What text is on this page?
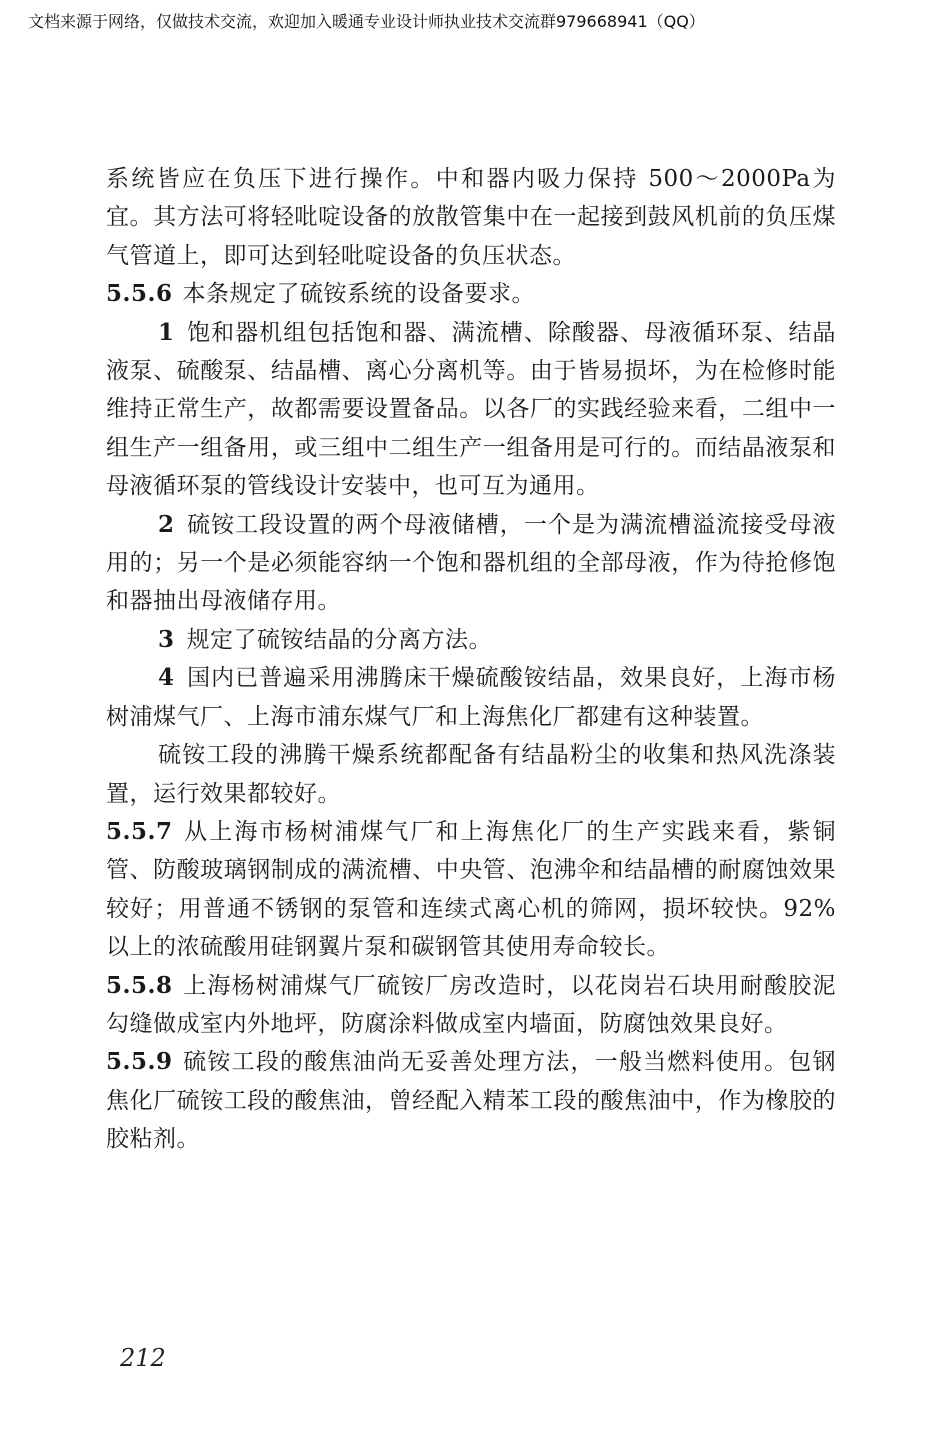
文档来源于网络，仅做技术交流，欢迎加入暖通专业设计师执业技术交流群979668941（QQ）

系统皆应在负压下进行操作。中和器内吸力保持 500～2000Pa为宜。其方法可将轻吡啶设备的放散管集中在一起接到鼓风机前的负压煤气管道上，即可达到轻吡啶设备的负压状态。

5.5.6 本条规定了硫铵系统的设备要求。

1 饱和器机组包括饱和器、满流槽、除酸器、母液循环泵、结晶液泵、硫酸泵、结晶槽、离心分离机等。由于皆易损坏，为在检修时能维持正常生产，故都需要设置备品。以各厂的实践经验来看，二组中一组生产一组备用，或三组中二组生产一组备用是可行的。而结晶液泵和母液循环泵的管线设计安装中，也可互为通用。

2 硫铵工段设置的两个母液储槽，一个是为满流槽溢流接受母液用的；另一个是必须能容纳一个饱和器机组的全部母液，作为待抢修饱和器抽出母液储存用。

3 规定了硫铵结晶的分离方法。

4 国内已普遍采用沸腾床干燥硫酸铵结晶，效果良好，上海市杨树浦煤气厂、上海市浦东煤气厂和上海焦化厂都建有这种装置。

硫铵工段的沸腾干燥系统都配备有结晶粉尘的收集和热风洗涤装置，运行效果都较好。

5.5.7 从上海市杨树浦煤气厂和上海焦化厂的生产实践来看，紫铜管、防酸玻璃钢制成的满流槽、中央管、泡沸伞和结晶槽的耐腐蚀效果较好；用普通不锈钢的泵管和连续式离心机的筛网，损坏较快。92%以上的浓硫酸用硅钢翼片泵和碳钢管其使用寿命较长。

5.5.8 上海杨树浦煤气厂硫铵厂房改造时，以花岗岩石块用耐酸胶泥勾缝做成室内外地坪，防腐涂料做成室内墙面，防腐蚀效果良好。

5.5.9 硫铵工段的酸焦油尚无妥善处理方法，一般当燃料使用。包钢焦化厂硫铵工段的酸焦油，曾经配入精苯工段的酸焦油中，作为橡胶的胶粘剂。

212
